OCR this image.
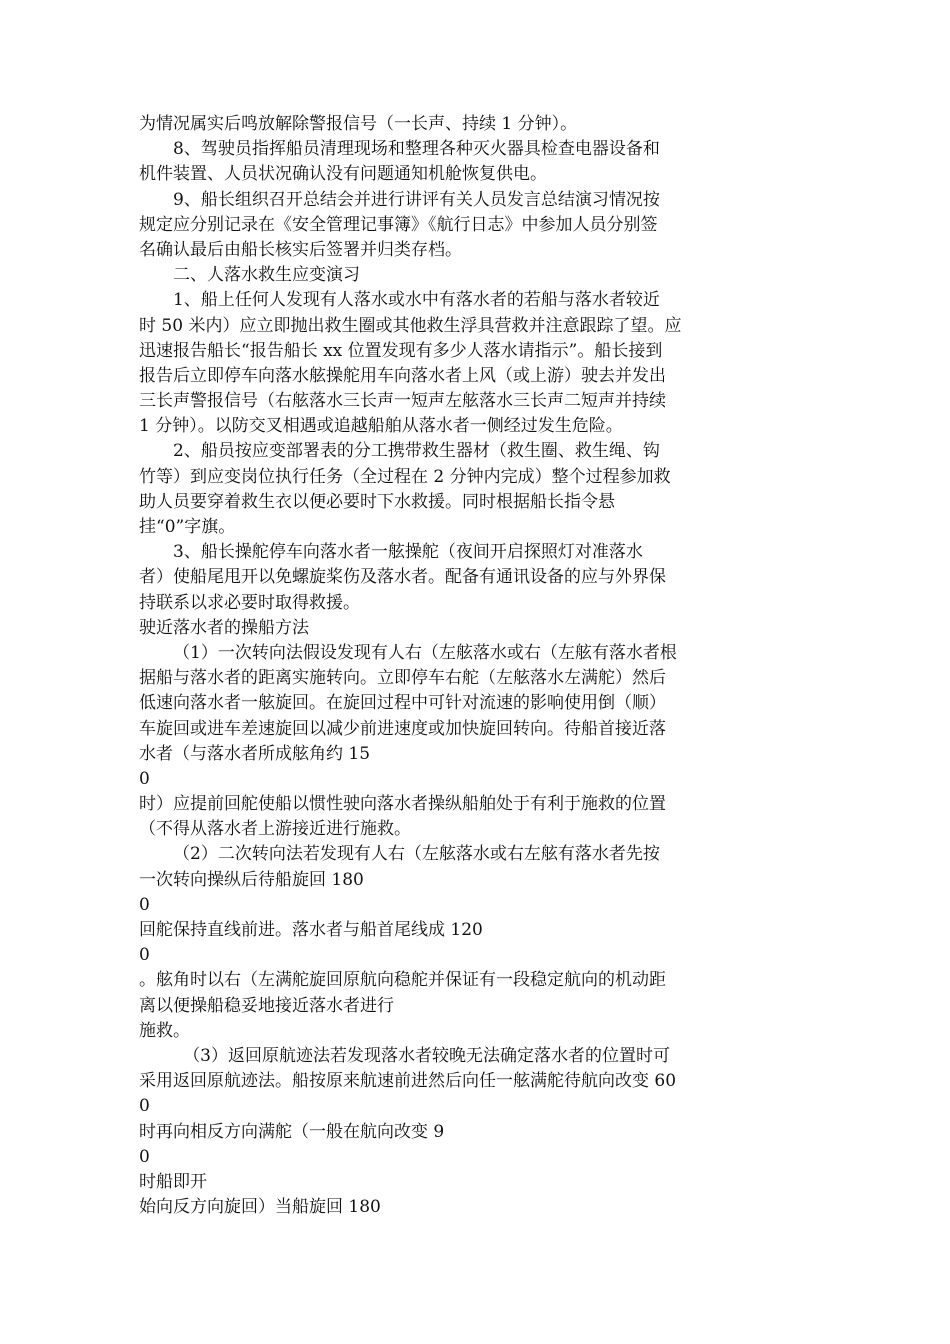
为情况属实后鸣放解除警报信号（一长声、持续 1 分钟）。
8、驾驶员指挥船员清理现场和整理各种灭火器具检查电器设备和
机件装置、人员状况确认没有问题通知机舱恢复供电。
9、船长组织召开总结会并进行讲评有关人员发言总结演习情况按
规定应分别记录在《安全管理记事簿》《航行日志》中参加人员分别签
名确认最后由船长核实后签署并归类存档。
二、人落水救生应变演习
1、船上任何人发现有人落水或水中有落水者的若船与落水者较近
时 50 米内）应立即抛出救生圈或其他救生浮具营救并注意跟踪了望。应
迅速报告船长“报告船长 xx 位置发现有多少人落水请指示”。船长接到
报告后立即停车向落水舷操舵用车向落水者上风（或上游）驶去并发出
三长声警报信号（右舷落水三长声一短声左舷落水三长声二短声并持续
1 分钟）。以防交叉相遇或追越船舶从落水者一侧经过发生危险。
2、船员按应变部署表的分工携带救生器材（救生圈、救生绳、钩
竹等）到应变岗位执行任务（全过程在 2 分钟内完成）整个过程参加救
助人员要穿着救生衣以便必要时下水救援。同时根据船长指令悬
挂“0”字旗。
3、船长操舵停车向落水者一舷操舵（夜间开启探照灯对准落水
者）使船尾甩开以免螺旋桨伤及落水者。配备有通讯设备的应与外界保
持联系以求必要时取得救援。
驶近落水者的操船方法
（1）一次转向法假设发现有人右（左舷落水或右（左舷有落水者根
据船与落水者的距离实施转向。立即停车右舵（左舷落水左满舵）然后
低速向落水者一舷旋回。在旋回过程中可针对流速的影响使用倒（顺）
车旋回或进车差速旋回以减少前进速度或加快旋回转向。待船首接近落
水者（与落水者所成舷角约 15
0
时）应提前回舵使船以惯性驶向落水者操纵船舶处于有利于施救的位置
（不得从落水者上游接近进行施救。
（2）二次转向法若发现有人右（左舷落水或右左舷有落水者先按
一次转向操纵后待船旋回 180
0
回舵保持直线前进。落水者与船首尾线成 120
0
。舷角时以右（左满舵旋回原航向稳舵并保证有一段稳定航向的机动距
离以便操船稳妥地接近落水者进行
施救。
（3）返回原航迹法若发现落水者较晚无法确定落水者的位置时可
采用返回原航迹法。船按原来航速前进然后向任一舷满舵待航向改变 60
0
时再向相反方向满舵（一般在航向改变 9
0
时船即开
始向反方向旋回）当船旋回 180
